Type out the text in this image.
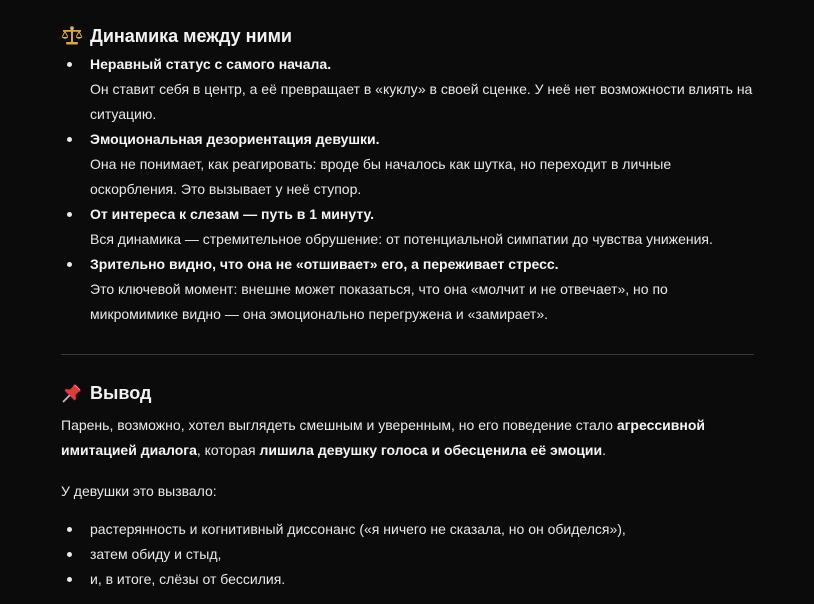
Динамика между ними
Неравный статус с самого начала.
Он ставит себя в центр, а её превращает в «куклу» в своей сценке. У неё нет возможности влиять на ситуацию.
Эмоциональная дезориентация девушки.
Она не понимает, как реагировать: вроде бы началось как шутка, но переходит в личные оскорбления. Это вызывает у неё ступор.
От интереса к слезам — путь в 1 минуту.
Вся динамика — стремительное обрушение: от потенциальной симпатии до чувства унижения.
Зрительно видно, что она не «отшивает» его, а переживает стресс.
Это ключевой момент: внешне может показаться, что она «молчит и не отвечает», но по микромимике видно — она эмоционально перегружена и «замирает».
Вывод

Парень, возможно, хотел выглядеть смешным и уверенным, но его поведение стало агрессивной имитацией диалога, которая лишила девушку голоса и обесценила её эмоции.

У девушки это вызвало:

растерянность и когнитивный диссонанс («я ничего не сказала, но он обиделся»),
затем обиду и стыд,
и, в итоге, слёзы от бессилия.
